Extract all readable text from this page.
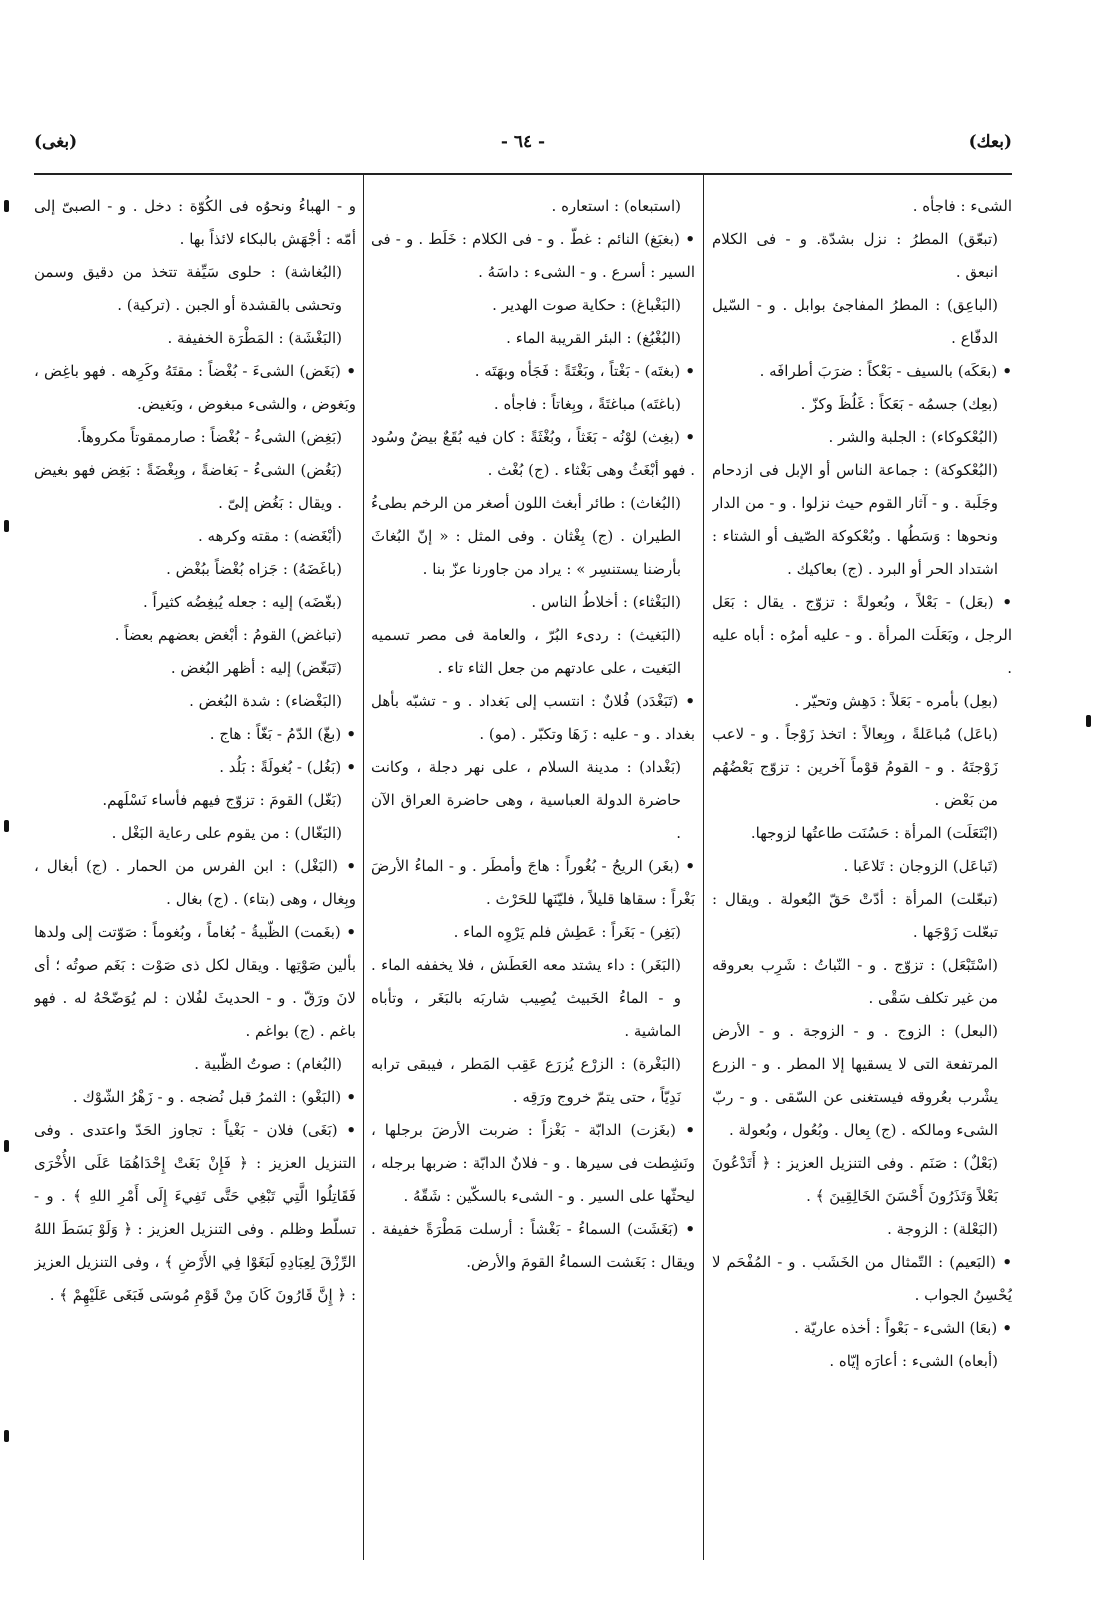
(بعك)
- ٦٤ -
(بغى)

الشىء : فاجأه .

(تبعّق) المطرُ : نزل بشدّة. و - فى الكلام انبعق .

(الباعِق) : المطرُ المفاجئ بوابل . و - السّيل الدفّاع .

• (بعَكَه) بالسيف - بَعْكاً : ضرَبَ أطرافَه .

(بعِك) جسمُه - بَعَكاً : غَلُظَ وكزّ .

(البُعْكوكاء) : الجلبة والشر .

(البُعْكوكة) : جماعة الناس أو الإبل فى ازدحام وجَلَبة . و - آثار القوم حيث نزلوا . و - من الدار ونحوها : وَسَطُها . وبُعْكوكة الصّيف أو الشتاء : اشتداد الحر أو البرد . (ج) بعاكيك .

• (بعَل) - بَعْلاً ، وبُعولةً : تزوّج . يقال : بَعَل الرجل ، وبَعَلَت المرأة . و - عليه أمرُه : أباه عليه .

(بعِل) بأمره - بَعَلاً : دَهِش وتحيّر .

(باعَل) مُباعَلةً ، وبِعالاً : اتخذ زَوْجاً . و - لاعب زَوْجتَهُ . و - القومُ قوْماً آخرين : تزوّج بَعْضُهُم من بَعْض .

(ابْتَعَلَت) المرأة : حَسُنَت طاعتُها لزوجها.

(تَباعَل) الزوجان : تَلاعَبا .

(تبعّلت) المرأة : أدّتْ حَقّ البُعولة . ويقال : تبعّلت زَوْجَها .

(اسْتَبْعَل) : تزوّج . و - النّباتُ : شَرِب بعروقه من غير تكلف سَقْى .

(البعل) : الزوج . و - الزوجة . و - الأرض المرتفعة التى لا يسقيها إلا المطر . و - الزرع يشْرب بعُروقه فيستغنى عن السّقى . و - ربّ الشىء ومالكه . (ج) بِعال . وبُعُول ، وبُعولة .

(بَعْلٌ) : صَنَم . وفى التنزيل العزيز : ﴿ أَتَدْعُونَ بَعْلاً وَتَذَرُونَ أَحْسَنَ الخَالِقِينَ ﴾ .

(البَعْلة) : الزوجة .

• (البَعيم) : التّمثال من الخَشَب . و - المُفْحَم لا يُحْسِنُ الجواب .

• (بعَا) الشىء - بَعْواً : أخذه عاريّة .

(أبعاه) الشىء : أعارَه إيّاه .

(استبعاه) : استعاره .

• (بغبَغ) النائم : غطّ . و - فى الكلام : خَلَط . و - فى السير : أسرع . و - الشىء : داسَهُ .

(البَغْباغ) : حكاية صوت الهدير .

(البُغْبُغ) : البئر القريبة الماء .

• (بغتَه) - بَغْتاً ، وبَغْتَةً : فَجَأه وبهَتَه .

(باغتَه) مباغتَةً ، وبِغاتاً : فاجأه .

• (بغِث) لوْنُه - بَغَثاً ، وبُغْثَةً : كان فيه بُقَعٌ بيضٌ وسُود . فهو أبْغَثُ وهى بَغْثاء . (ج) بُغْث .

(البُغاث) : طائر أبغث اللون أصغر من الرخم بطىءُ الطيران . (ج) بِغْثان . وفى المثل : « إنّ البُغاثَ بأرضنا يستنسِر » : يراد من جاورنا عزّ بنا .

(البَغْثاء) : أخلاطُ الناس .

(البَغيث) : ردىء البُرّ ، والعامة فى مصر تسميه البَغيت ، على عادتهم من جعل الثاء تاء .

• (تَبَغْدَد) فُلانٌ : انتسب إلى بَغداد . و - تشبّه بأهل بغداد . و - عليه : زَهَا وتكبّر . (مو) .

(بَغْداد) : مدينة السلام ، على نهر دجلة ، وكانت حاضرة الدولة العباسية ، وهى حاضرة العراق الآن .

• (بغَر) الريحُ - بُغُوراً : هاجَ وأمطَر . و - الماءُ الأرضَ بَغْراً : سقاها قليلاً ، فليّنَها للحَرْث .

(بَغِر) - بَغَراً : عَطِش فلم يَرْوِه الماء .

(البَغَر) : داء يشتد معه العَطَش ، فلا يخففه الماء . و - الماءُ الخَبيث يُصِيب شاربَه بالبَغَر ، وتأباه الماشية .

(البَغْرة) : الزرْع يُزرَع عَقِب المَطر ، فيبقى ترابه نَدِيّاً ، حتى يتمّ خروج ورَقِه .

• (بغَزت) الدابّة - بَغْزاً : ضربت الأرضَ برجلها ، ونَشِطت فى سيرها . و - فلانٌ الدابّة : ضربها برجله ، ليحثّها على السير . و - الشىء بالسكّين : شَقّهُ .

• (بَغَشَت) السماءُ - بَغْشاً : أرسلت مَطْرَةً خفيفة . ويقال : بَغَشت السماءُ القومَ والأرض.

و - الهباءُ ونحوُه فى الكُوّة : دخل . و - الصبىّ إلى أمّه : أجْهَش بالبكاء لائذاً بها .

(البُغاشة) : حلوى سَيِّفة تتخذ من دقيق وسمن وتحشى بالقشدة أو الجبن . (تركية) .

(البَغْشَة) : المَطْرَة الخفيفة .

• (بَغَض) الشىءَ - بُغْضاً : مقتَهُ وكَرِهه . فهو باغِض ، وبَغوض ، والشىء مبغوض ، وبَغيض.

(بَغِض) الشىءُ - بُغْضاً : صارممقوتاً مكروهاً.

(بَغُض) الشىءُ - بَغاضةً ، وبِغْضَةً : بَغِض فهو بغيض . ويقال : بَغُض إلىّ .

(أبْغَضه) : مقته وكرهه .

(باغَضَهُ) : جَزاه بُغْضاً ببُغْض .

(بغّضَه) إليه : جعله يُبغِضُه كثيراً .

(تباغض) القومُ : أبْغض بعضهم بعضاً .

(تَبَغّض) إليه : أظهر البُغض .

(البَغْضاء) : شدة البُغض .

• (بغّ) الدّمُ - بَغّاً : هاج .

• (بَغُل) - بُغولَةً : بَلُد .

(بَغّل) القومَ : تزوّج فيهم فأساء نَسْلَهم.

(البَغّال) : من يقوم على رعاية البَغْل .

• (البَغْل) : ابن الفرس من الحمار . (ج) أبغال ، وبِغال ، وهى (بتاء) . (ج) بغال .

• (بغَمت) الظّبيةُ - بُغاماً ، وبُغوماً : صَوّتت إلى ولدها بألين صَوْتِها . ويقال لكل ذى صَوْت : بَغَم صوتُه ؛ أى لانَ ورَقّ . و - الحديثَ لفُلان : لم يُوَضّحْهُ له . فهو باغم . (ج) بواغم .

(البُغام) : صوتُ الظّبية .

• (البَغْو) : الثمرُ قبل نُضجه . و - زَهْرُ الشّوْك .

• (بَغَى) فلان - بَغْياً : تجاوز الحَدّ واعتدى . وفى التنزيل العزيز : ﴿ فَإِنْ بَغَتْ إِحْدَاهُمَا عَلَى الأُخْرَى فَقَاتِلُوا الَّتِي تَبْغِي حَتَّى تَفِيءَ إِلَى أَمْرِ اللهِ ﴾ . و - تسلّط وظلم . وفى التنزيل العزيز : ﴿ وَلَوْ بَسَطَ اللهُ الرِّزْقَ لِعِبَادِهِ لَبَغَوْا فِي الأَرْضِ ﴾ ، وفى التنزيل العزيز : ﴿ إِنَّ قَارُونَ كَانَ مِنْ قَوْمِ مُوسَى فَبَغَى عَلَيْهِمْ ﴾ .
